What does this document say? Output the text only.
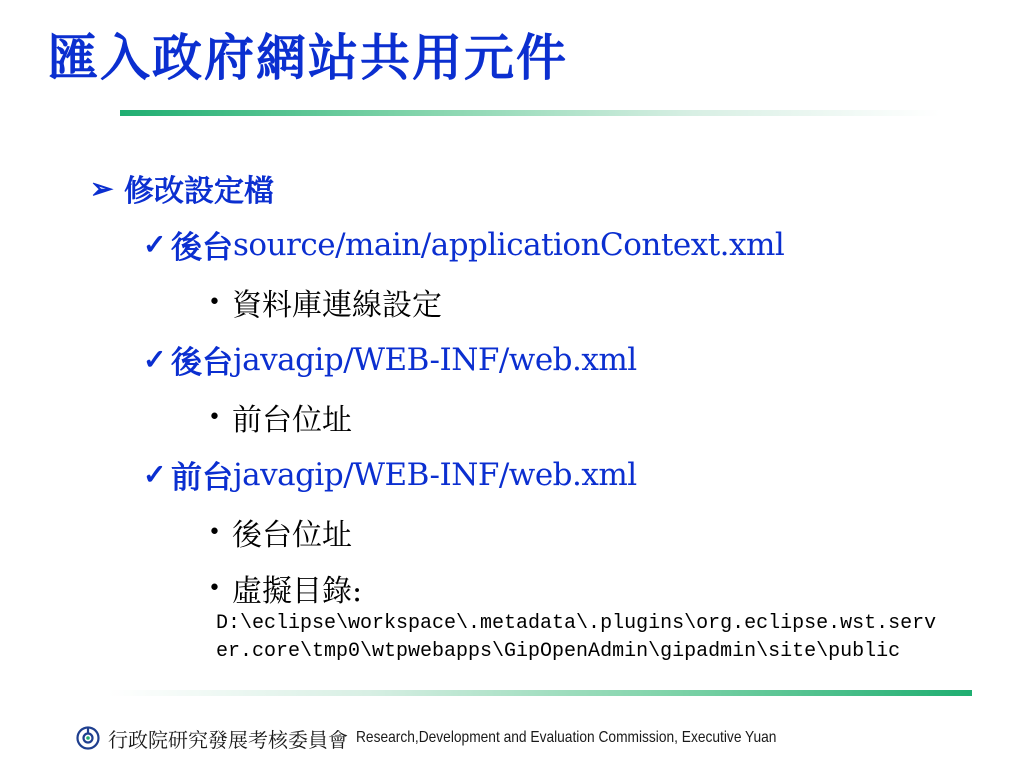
匯入政府網站共用元件
➢ 修改設定檔
✓ 後台 source/main/applicationContext.xml
• 資料庫連線設定
✓ 後台 javagip/WEB-INF/web.xml
• 前台位址
✓ 前台 javagip/WEB-INF/web.xml
• 後台位址
• 虛擬目錄:

D:\eclipse\workspace\.metadata\.plugins\org.eclipse.wst.server.core\tmp0\wtpwebapps\GipOpenAdmin\gipadmin\site\public

行政院研究發展考核委員會 Research,Development and Evaluation Commission, Executive Yuan
